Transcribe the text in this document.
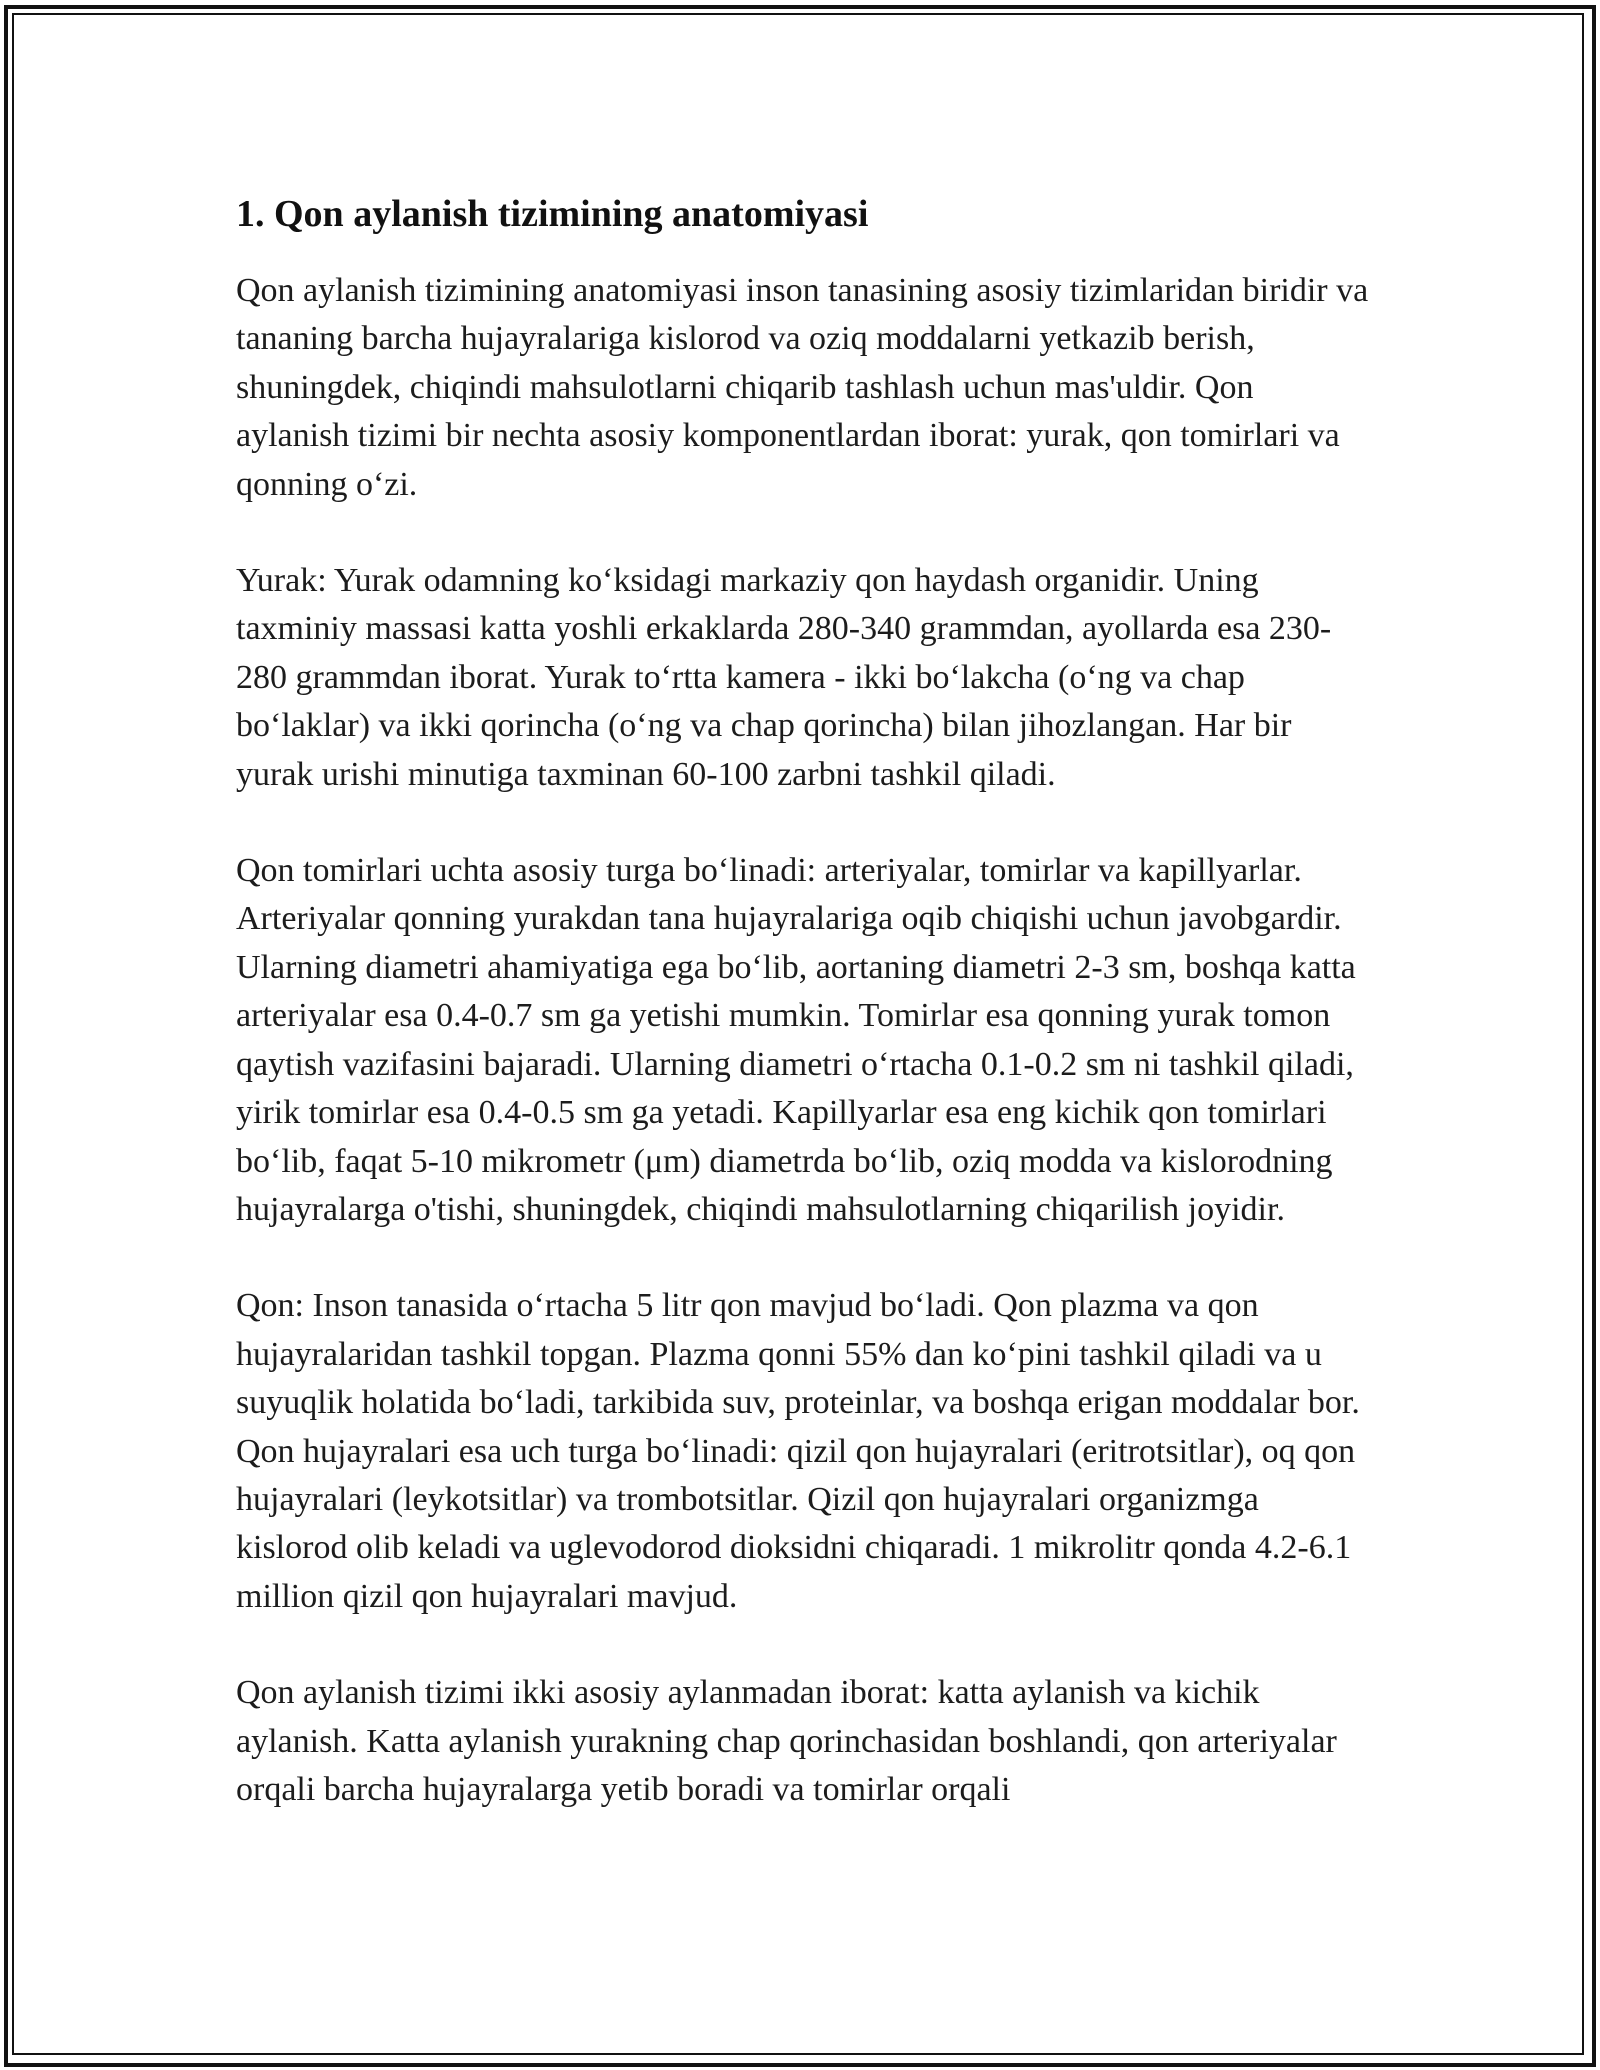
1. Qon aylanish tizimining anatomiyasi

Qon aylanish tizimining anatomiyasi inson tanasining asosiy tizimlaridan biridir va tananing barcha hujayralariga kislorod va oziq moddalarni yetkazib berish, shuningdek, chiqindi mahsulotlarni chiqarib tashlash uchun mas'uldir. Qon aylanish tizimi bir nechta asosiy komponentlardan iborat: yurak, qon tomirlari va qonning o‘zi.

Yurak: Yurak odamning ko‘ksidagi markaziy qon haydash organidir. Uning taxminiy massasi katta yoshli erkaklarda 280-340 grammdan, ayollarda esa 230-280 grammdan iborat. Yurak to‘rtta kamera - ikki bo‘lakcha (o‘ng va chap bo‘laklar) va ikki qorincha (o‘ng va chap qorincha) bilan jihozlangan. Har bir yurak urishi minutiga taxminan 60-100 zarbni tashkil qiladi.

Qon tomirlari uchta asosiy turga bo‘linadi: arteriyalar, tomirlar va kapillyarlar. Arteriyalar qonning yurakdan tana hujayralariga oqib chiqishi uchun javobgardir. Ularning diametri ahamiyatiga ega bo‘lib, aortaning diametri 2-3 sm, boshqa katta arteriyalar esa 0.4-0.7 sm ga yetishi mumkin. Tomirlar esa qonning yurak tomon qaytish vazifasini bajaradi. Ularning diametri o‘rtacha 0.1-0.2 sm ni tashkil qiladi, yirik tomirlar esa 0.4-0.5 sm ga yetadi. Kapillyarlar esa eng kichik qon tomirlari bo‘lib, faqat 5-10 mikrometr (μm) diametrda bo‘lib, oziq modda va kislorodning hujayralarga o'tishi, shuningdek, chiqindi mahsulotlarning chiqarilish joyidir.

Qon: Inson tanasida o‘rtacha 5 litr qon mavjud bo‘ladi. Qon plazma va qon hujayralaridan tashkil topgan. Plazma qonni 55% dan ko‘pini tashkil qiladi va u suyuqlik holatida bo‘ladi, tarkibida suv, proteinlar, va boshqa erigan moddalar bor. Qon hujayralari esa uch turga bo‘linadi: qizil qon hujayralari (eritrotsitlar), oq qon hujayralari (leykotsitlar) va trombotsitlar. Qizil qon hujayralari organizmga kislorod olib keladi va uglevodorod dioksidni chiqaradi. 1 mikrolitr qonda 4.2-6.1 million qizil qon hujayralari mavjud.

Qon aylanish tizimi ikki asosiy aylanmadan iborat: katta aylanish va kichik aylanish. Katta aylanish yurakning chap qorinchasidan boshlandi, qon arteriyalar orqali barcha hujayralarga yetib boradi va tomirlar orqali
